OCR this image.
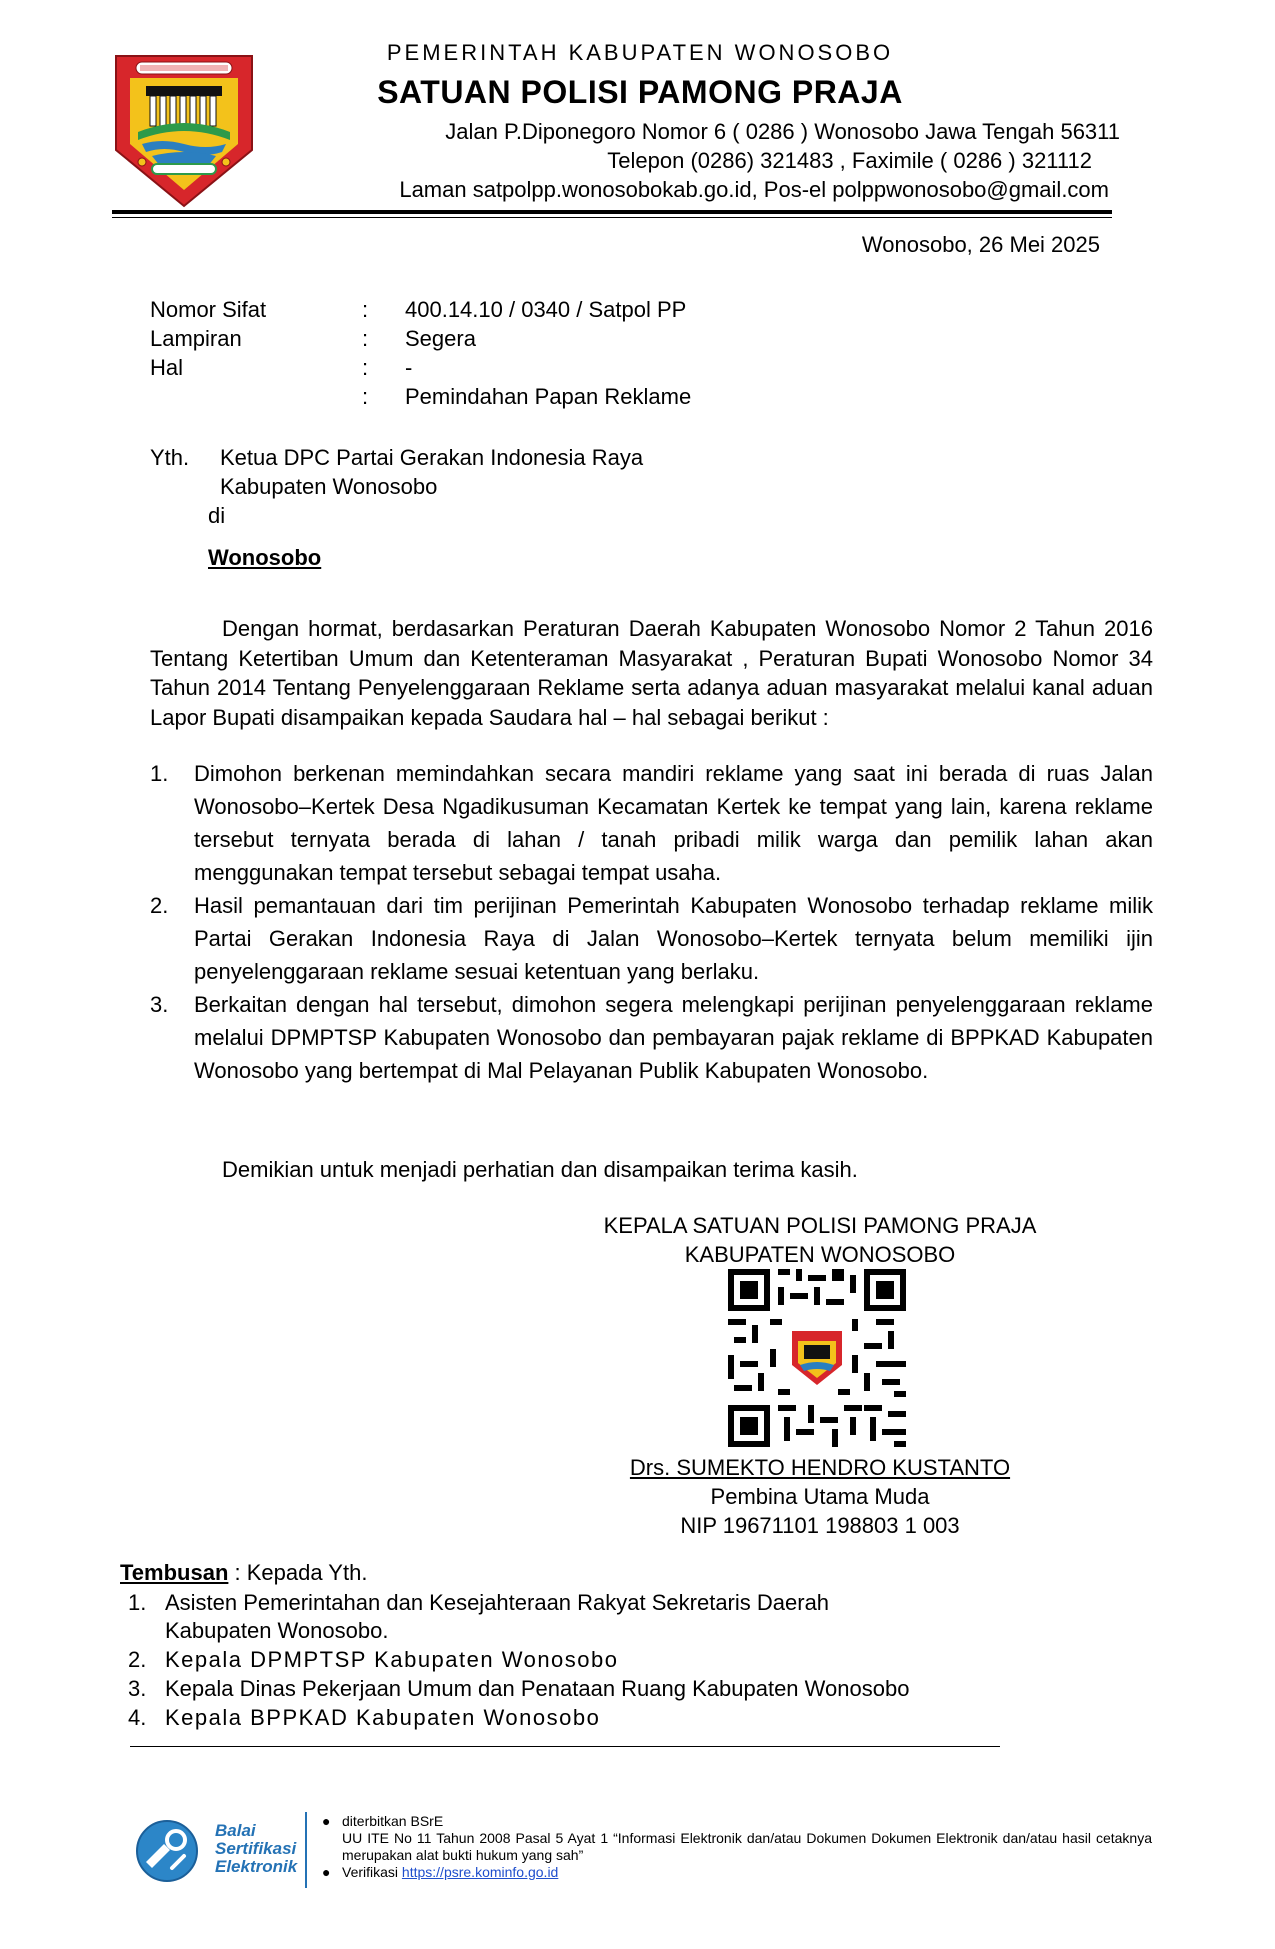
PEMERINTAH KABUPATEN WONOSOBO
SATUAN POLISI PAMONG PRAJA
Jalan P.Diponegoro Nomor 6 ( 0286 ) Wonosobo Jawa Tengah 56311
Telepon (0286) 321483 , Faximile ( 0286 ) 321112
Laman satpolpp.wonosobokab.go.id, Pos-el polppwonosobo@gmail.com
Wonosobo, 26 Mei 2025
Nomor Sifat	: 400.14.10 / 0340 / Satpol PP
Lampiran	: Segera
Hal	: -
: Pemindahan Papan Reklame
Yth. Ketua DPC Partai Gerakan Indonesia Raya
Kabupaten Wonosobo
di
Wonosobo
Dengan hormat, berdasarkan Peraturan Daerah Kabupaten Wonosobo Nomor 2 Tahun 2016 Tentang Ketertiban Umum dan Ketenteraman Masyarakat , Peraturan Bupati Wonosobo Nomor 34 Tahun 2014 Tentang Penyelenggaraan Reklame serta adanya aduan masyarakat melalui kanal aduan Lapor Bupati disampaikan kepada Saudara hal – hal sebagai berikut :
1. Dimohon berkenan memindahkan secara mandiri reklame yang saat ini berada di ruas Jalan Wonosobo–Kertek Desa Ngadikusuman Kecamatan Kertek ke tempat yang lain, karena reklame tersebut ternyata berada di lahan / tanah pribadi milik warga dan pemilik lahan akan menggunakan tempat tersebut sebagai tempat usaha.
2. Hasil pemantauan dari tim perijinan Pemerintah Kabupaten Wonosobo terhadap reklame milik Partai Gerakan Indonesia Raya di Jalan Wonosobo–Kertek ternyata belum memiliki ijin penyelenggaraan reklame sesuai ketentuan yang berlaku.
3. Berkaitan dengan hal tersebut, dimohon segera melengkapi perijinan penyelenggaraan reklame melalui DPMPTSP Kabupaten Wonosobo dan pembayaran pajak reklame di BPPKAD Kabupaten Wonosobo yang bertempat di Mal Pelayanan Publik Kabupaten Wonosobo.
Demikian untuk menjadi perhatian dan disampaikan terima kasih.
KEPALA SATUAN POLISI PAMONG PRAJA
KABUPATEN WONOSOBO
Drs. SUMEKTO HENDRO KUSTANTO
Pembina Utama Muda
NIP 19671101 198803 1 003
Tembusan : Kepada Yth.
1. Asisten Pemerintahan dan Kesejahteraan Rakyat Sekretaris Daerah
Kabupaten Wonosobo.
2. Kepala DPMPTSP Kabupaten Wonosobo
3. Kepala Dinas Pekerjaan Umum dan Penataan Ruang Kabupaten Wonosobo
4. Kepala BPPKAD Kabupaten Wonosobo
Balai
Sertifikasi
Elektronik
● diterbitkan BSrE
UU ITE No 11 Tahun 2008 Pasal 5 Ayat 1 “Informasi Elektronik dan/atau Dokumen Dokumen Elektronik dan/atau hasil cetaknya merupakan alat bukti hukum yang sah”
● Verifikasi https://psre.kominfo.go.id
